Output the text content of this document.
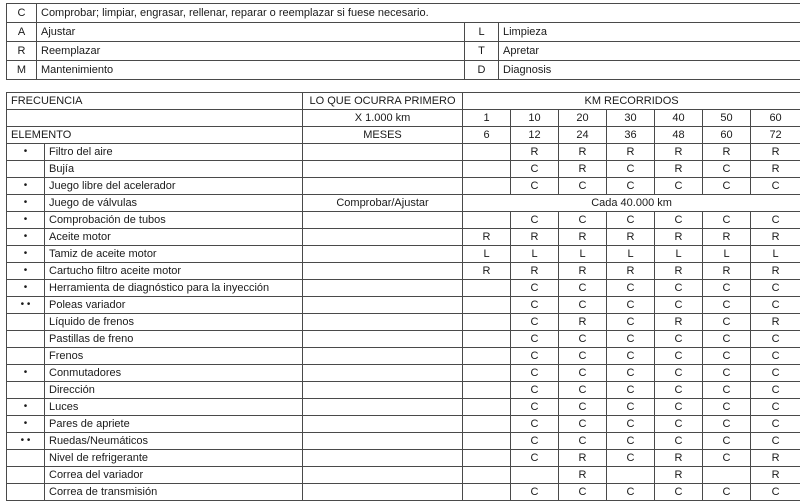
C	Comprobar; limpiar, engrasar, rellenar, reparar o reemplazar si fuese necesario.		
A	Ajustar	L	Limpieza
R	Reemplazar	T	Apretar
M	Mantenimiento	D	Diagnosis
FRECUENCIA		LO QUE OCURRA PRIMERO	KM RECORRIDOS						
		X 1.000 km	1	10	20	30	40	50	60
ELEMENTO		MESES	6	12	24	36	48	60	72
•	Filtro del aire			R	R	R	R	R	R
	Bujía			C	R	C	R	C	R
•	Juego libre del acelerador			C	C	C	C	C	C
•	Juego de válvulas	Comprobar/Ajustar	Cada 40.000 km						
•	Comprobación de tubos			C	C	C	C	C	C
•	Aceite motor		R	R	R	R	R	R	R
•	Tamiz de aceite motor		L	L	L	L	L	L	L
•	Cartucho filtro aceite motor		R	R	R	R	R	R	R
•	Herramienta de diagnóstico para la inyección			C	C	C	C	C	C
• •	Poleas variador			C	C	C	C	C	C
	Líquido de frenos			C	R	C	R	C	R
	Pastillas de freno			C	C	C	C	C	C
	Frenos			C	C	C	C	C	C
•	Conmutadores			C	C	C	C	C	C
	Dirección			C	C	C	C	C	C
•	Luces			C	C	C	C	C	C
•	Pares de apriete			C	C	C	C	C	C
• •	Ruedas/Neumáticos			C	C	C	C	C	C
	Nivel de refrigerante			C	R	C	R	C	R
	Correa del variador				R		R		R
	Correa de transmisión			C	C	C	C	C	C
